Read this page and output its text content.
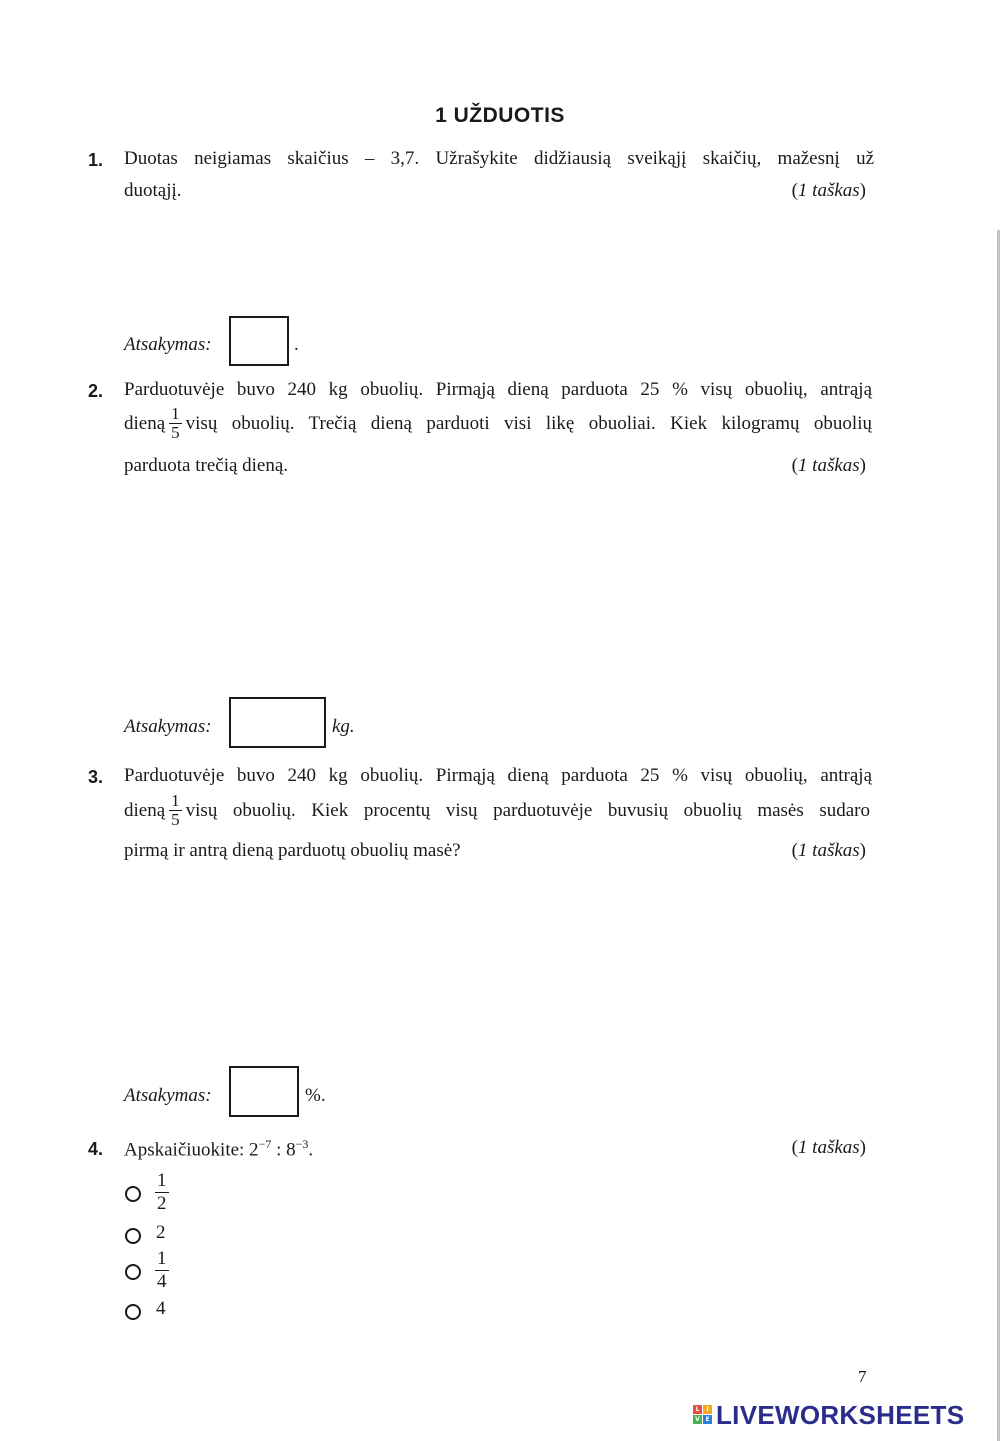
1 UŽDUOTIS
1. Duotas neigiamas skaičius – 3,7. Užrašykite didžiausią sveikąjį skaičių, mažesnį už
duotąjį.	(1 taškas)
Atsakymas:	.
2. Parduotuvėje buvo 240 kg obuolių. Pirmąją dieną parduota 25 % visų obuolių, antrąją
dieną $\frac{1}{5}$ visų obuolių. Trečią dieną parduoti visi likę obuoliai. Kiek kilogramų obuolių
parduota trečią dieną.	(1 taškas)
Atsakymas:	kg.
3. Parduotuvėje buvo 240 kg obuolių. Pirmąją dieną parduota 25 % visų obuolių, antrąją
dieną $\frac{1}{5}$ visų obuolių. Kiek procentų visų parduotuvėje buvusių obuolių masės sudaro
pirmą ir antrą dieną parduotų obuolių masė?	(1 taškas)
Atsakymas:	%.
4. Apskaičiuokite: $2^{-7}$ : $8^{-3}$.	(1 taškas)
$\frac{1}{2}$
2
$\frac{1}{4}$
4
7
L	I
V E LIVEWORKSHEETS
